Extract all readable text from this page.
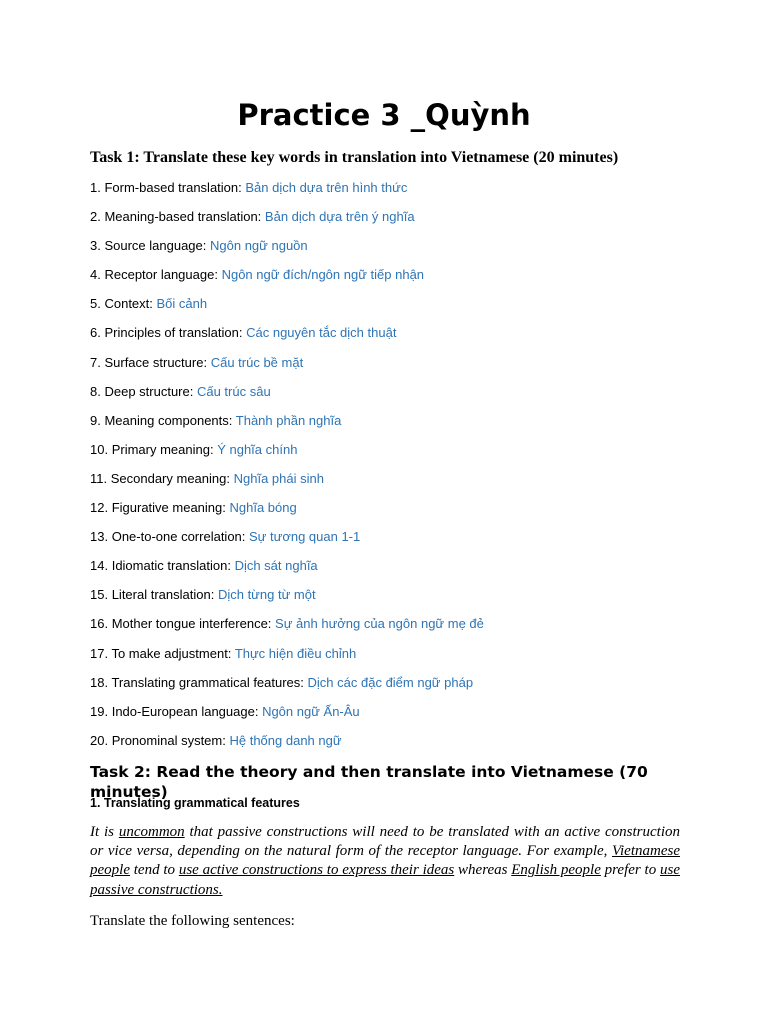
Practice 3 _Quỳnh
Task 1: Translate these key words in translation into Vietnamese (20 minutes)
1. Form-based translation: Bản dịch dựa trên hình thức
2. Meaning-based translation: Bản dịch dựa trên ý nghĩa
3. Source language: Ngôn ngữ nguồn
4. Receptor language: Ngôn ngữ đích/ngôn ngữ tiếp nhận
5. Context: Bối cảnh
6. Principles of translation: Các nguyên tắc dịch thuật
7. Surface structure: Cấu trúc bề mặt
8. Deep structure: Cấu trúc sâu
9. Meaning components: Thành phần nghĩa
10. Primary meaning: Ý nghĩa chính
11. Secondary meaning: Nghĩa phái sinh
12. Figurative meaning: Nghĩa bóng
13. One-to-one correlation: Sự tương quan 1-1
14. Idiomatic translation: Dịch sát nghĩa
15. Literal translation: Dịch từng từ một
16. Mother tongue interference: Sự ảnh hưởng của ngôn ngữ mẹ đẻ
17. To make adjustment: Thực hiện điều chỉnh
18. Translating grammatical features: Dịch các đặc điểm ngữ pháp
19. Indo-European language: Ngôn ngữ Ấn-Âu
20. Pronominal system: Hệ thống danh ngữ
Task 2: Read the theory and then translate into Vietnamese (70 minutes)
1. Translating grammatical features
It is uncommon that passive constructions will need to be translated with an active construction or vice versa, depending on the natural form of the receptor language. For example, Vietnamese people tend to use active constructions to express their ideas whereas English people prefer to use passive constructions.
Translate the following sentences:
